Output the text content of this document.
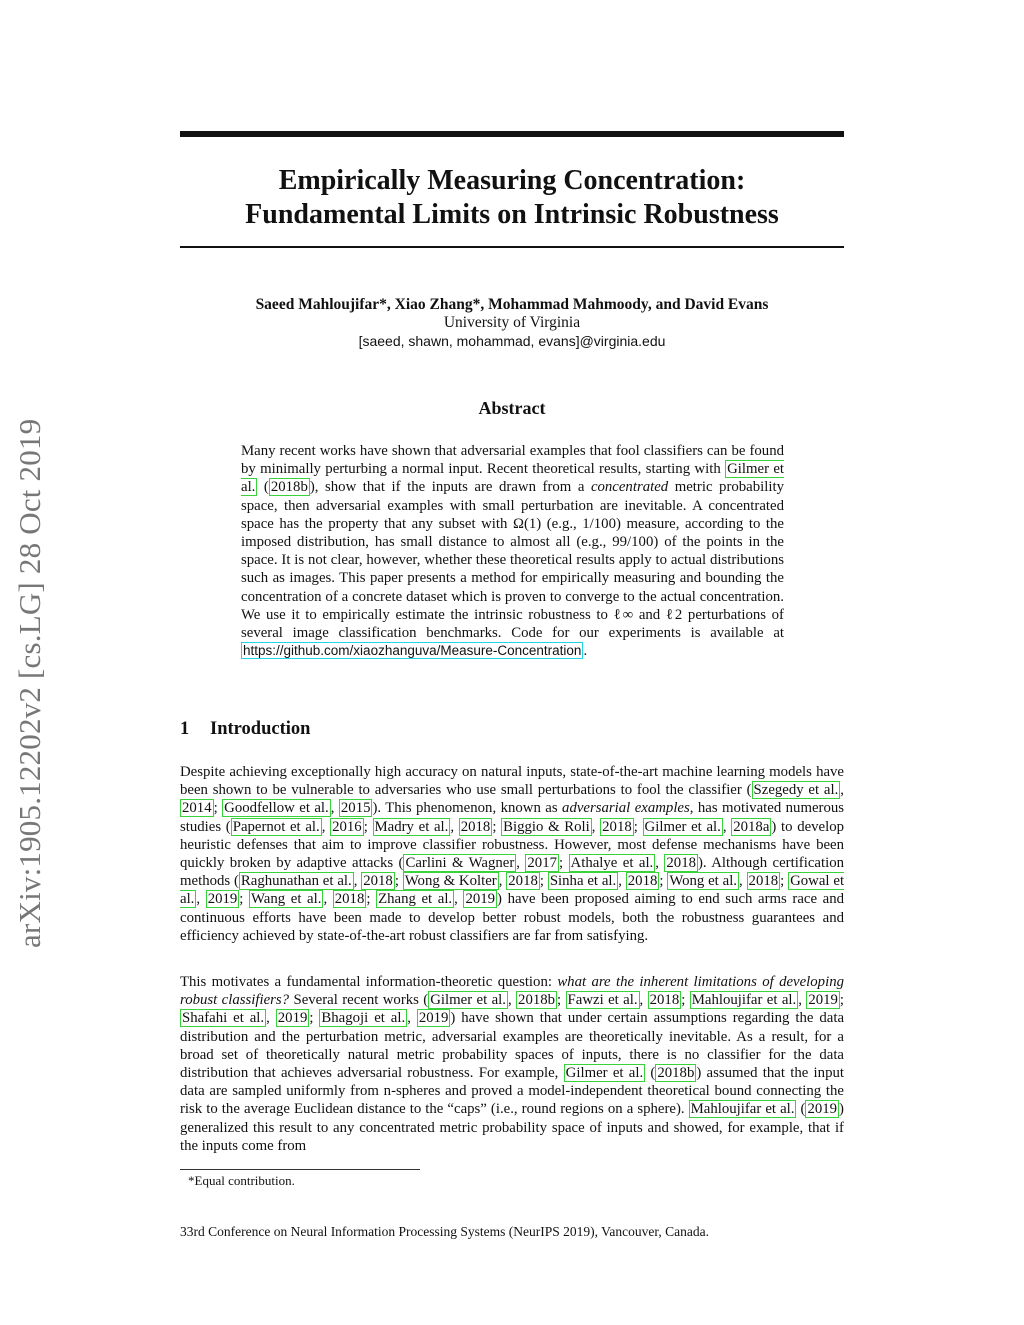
arXiv:1905.12202v2 [cs.LG] 28 Oct 2019
Empirically Measuring Concentration:
Fundamental Limits on Intrinsic Robustness
Saeed Mahloujifar*, Xiao Zhang*, Mohammad Mahmoody, and David Evans
University of Virginia
[saeed, shawn, mohammad, evans]@virginia.edu
Abstract
Many recent works have shown that adversarial examples that fool classifiers can be found by minimally perturbing a normal input. Recent theoretical results, starting with Gilmer et al. ( 2018b ), show that if the inputs are drawn from a concentrated metric probability space, then adversarial examples with small perturbation are inevitable. A concentrated space has the property that any subset with Ω(1) (e.g., 1/100) measure, according to the imposed distribution, has small distance to almost all (e.g., 99/100) of the points in the space. It is not clear, however, whether these theoretical results apply to actual distributions such as images. This paper presents a method for empirically measuring and bounding the concentration of a concrete dataset which is proven to converge to the actual concentration. We use it to empirically estimate the intrinsic robustness to ℓ∞ and ℓ2 perturbations of several image classification benchmarks. Code for our experiments is available at https://github.com/xiaozhanguva/Measure-Concentration .
1 Introduction
Despite achieving exceptionally high accuracy on natural inputs, state-of-the-art machine learning models have been shown to be vulnerable to adversaries who use small perturbations to fool the classifier ( Szegedy et al. , 2014 ; Goodfellow et al. , 2015 ). This phenomenon, known as adversarial examples, has motivated numerous studies ( Papernot et al. , 2016 ; Madry et al. , 2018 ; Biggio & Roli , 2018 ; Gilmer et al. , 2018a ) to develop heuristic defenses that aim to improve classifier robustness. However, most defense mechanisms have been quickly broken by adaptive attacks ( Carlini & Wagner , 2017 ; Athalye et al. , 2018 ). Although certification methods ( Raghunathan et al. , 2018 ; Wong & Kolter , 2018 ; Sinha et al. , 2018 ; Wong et al. , 2018 ; Gowal et al. , 2019 ; Wang et al. , 2018 ; Zhang et al. , 2019 ) have been proposed aiming to end such arms race and continuous efforts have been made to develop better robust models, both the robustness guarantees and efficiency achieved by state-of-the-art robust classifiers are far from satisfying.
This motivates a fundamental information-theoretic question: what are the inherent limitations of developing robust classifiers? Several recent works ( Gilmer et al. , 2018b ; Fawzi et al. , 2018 ; Mahloujifar et al. , 2019 ; Shafahi et al. , 2019 ; Bhagoji et al. , 2019 ) have shown that under certain assumptions regarding the data distribution and the perturbation metric, adversarial examples are theoretically inevitable. As a result, for a broad set of theoretically natural metric probability spaces of inputs, there is no classifier for the data distribution that achieves adversarial robustness. For example, Gilmer et al. ( 2018b ) assumed that the input data are sampled uniformly from n-spheres and proved a model-independent theoretical bound connecting the risk to the average Euclidean distance to the “caps” (i.e., round regions on a sphere). Mahloujifar et al. ( 2019 ) generalized this result to any concentrated metric probability space of inputs and showed, for example, that if the inputs come from
*Equal contribution.
33rd Conference on Neural Information Processing Systems (NeurIPS 2019), Vancouver, Canada.
